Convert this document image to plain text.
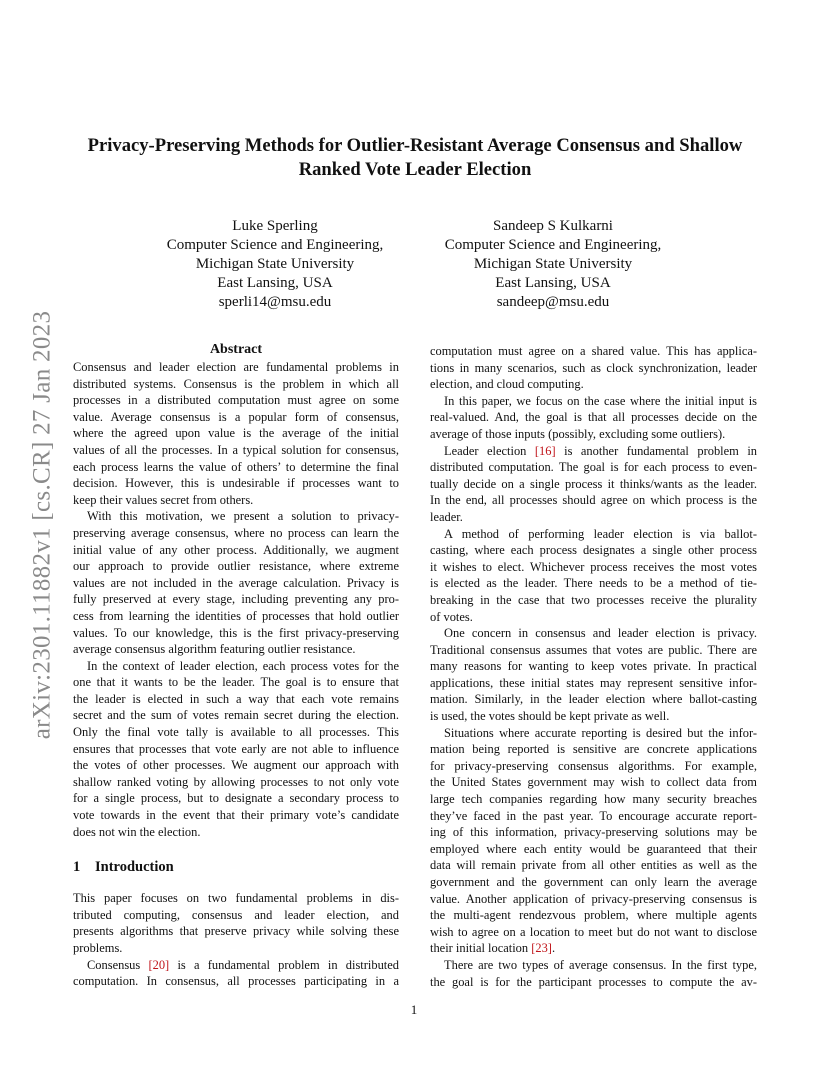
arXiv:2301.11882v1 [cs.CR] 27 Jan 2023
Privacy-Preserving Methods for Outlier-Resistant Average Consensus and Shallow
Ranked Vote Leader Election
Luke Sperling
Computer Science and Engineering,
Michigan State University
East Lansing, USA
sperli14@msu.edu
Sandeep S Kulkarni
Computer Science and Engineering,
Michigan State University
East Lansing, USA
sandeep@msu.edu
Abstract
Consensus and leader election are fundamental problems in
distributed systems. Consensus is the problem in which all
processes in a distributed computation must agree on some
value. Average consensus is a popular form of consensus,
where the agreed upon value is the average of the initial
values of all the processes. In a typical solution for consensus,
each process learns the value of others’ to determine the final
decision. However, this is undesirable if processes want to
keep their values secret from others.
With this motivation, we present a solution to privacy-
preserving average consensus, where no process can learn the
initial value of any other process. Additionally, we augment
our approach to provide outlier resistance, where extreme
values are not included in the average calculation. Privacy is
fully preserved at every stage, including preventing any pro-
cess from learning the identities of processes that hold outlier
values. To our knowledge, this is the first privacy-preserving
average consensus algorithm featuring outlier resistance.
In the context of leader election, each process votes for the
one that it wants to be the leader. The goal is to ensure that
the leader is elected in such a way that each vote remains
secret and the sum of votes remain secret during the election.
Only the final vote tally is available to all processes. This
ensures that processes that vote early are not able to influence
the votes of other processes. We augment our approach with
shallow ranked voting by allowing processes to not only vote
for a single process, but to designate a secondary process to
vote towards in the event that their primary vote’s candidate
does not win the election.
1 Introduction
This paper focuses on two fundamental problems in dis-
tributed computing, consensus and leader election, and
presents algorithms that preserve privacy while solving these
problems.
Consensus [20] is a fundamental problem in distributed
computation. In consensus, all processes participating in a
computation must agree on a shared value. This has applica-
tions in many scenarios, such as clock synchronization, leader
election, and cloud computing.
In this paper, we focus on the case where the initial input is
real-valued. And, the goal is that all processes decide on the
average of those inputs (possibly, excluding some outliers).
Leader election [16] is another fundamental problem in
distributed computation. The goal is for each process to even-
tually decide on a single process it thinks/wants as the leader.
In the end, all processes should agree on which process is the
leader.
A method of performing leader election is via ballot-
casting, where each process designates a single other process
it wishes to elect. Whichever process receives the most votes
is elected as the leader. There needs to be a method of tie-
breaking in the case that two processes receive the plurality
of votes.
One concern in consensus and leader election is privacy.
Traditional consensus assumes that votes are public. There are
many reasons for wanting to keep votes private. In practical
applications, these initial states may represent sensitive infor-
mation. Similarly, in the leader election where ballot-casting
is used, the votes should be kept private as well.
Situations where accurate reporting is desired but the infor-
mation being reported is sensitive are concrete applications
for privacy-preserving consensus algorithms. For example,
the United States government may wish to collect data from
large tech companies regarding how many security breaches
they’ve faced in the past year. To encourage accurate report-
ing of this information, privacy-preserving solutions may be
employed where each entity would be guaranteed that their
data will remain private from all other entities as well as the
government and the government can only learn the average
value. Another application of privacy-preserving consensus is
the multi-agent rendezvous problem, where multiple agents
wish to agree on a location to meet but do not want to disclose
their initial location [23].
There are two types of average consensus. In the first type,
the goal is for the participant processes to compute the av-
1
